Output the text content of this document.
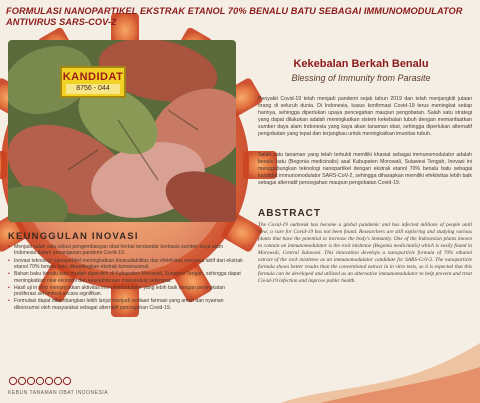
FORMULASI NANOPARTIKEL EKSTRAK ETANOL 70% BENALU BATU SEBAGAI IMMUNOMODULATOR ANTIVIRUS SARS-COV-2
KANDIDAT
8756 - 044
Kekebalan Berkah Benalu
Blessing of Immunity from Parasite

Penyakit Covid-19 telah menjadi pandemi sejak tahun 2019 dan telah menjangkiti jutaan orang di seluruh dunia. Di Indonesia, kasus konfirmasi Covid-19 terus meningkat setiap harinya, sehingga diperlukan upaya pencegahan maupun pengobatan. Salah satu strategi yang dapat dilakukan adalah meningkatkan sistem kekebalan tubuh dengan memanfaatkan sumber daya alam Indonesia yang kaya akan tanaman obat, sehingga diperlukan alternatif pengobatan yang tepat dan terjangkau untuk meningkatkan imunitas tubuh.

Salah satu tanaman yang telah terbukti memiliki khasiat sebagai immunomodulator adalah benalu batu (Begonia medicinalis) asal Kabupaten Morowali, Sulawesi Tengah. Inovasi ini menggabungkan teknologi nanopartikel dengan ekstrak etanol 70% benalu batu sebagai kandidat immunomodulator SARS-CoV-2, sehingga diharapkan memiliki efektivitas lebih baik sebagai alternatif pencegahan maupun pengobatan Covid-19.

ABSTRACT

The Covid-19 outbreak has become a global pandemic and has infected millions of people until now; a cure for Covid-19 has not been found. Researchers are still exploring and studying various plants that have the potential to increase the body's immunity. One of the Indonesian plants known to contain an immunomodulator is the rock mistletoe (Begonia medicinalis) which is easily found in Morowali, Central Sulawesi. This innovation develops a nanoparticle formula of 70% ethanol extract of the rock mistletoe as an immunomodulator candidate for SARS-CoV-2. The nanoparticle formula shows better results than the conventional extract in in vitro tests, so it is expected that this formula can be developed and utilized as an alternative immunomodulator to help prevent and treat Covid-19 infection and improve public health.

KEUNGGULAN INOVASI
• Menjadi salah satu solusi pengembangan obat herbal terstandar berbasis sumber daya alam Indonesia dalam penanganan pandemi Covid-19.
• Inovasi teknologi nanopartikel meningkatkan bioavailabilitas dan efektivitas senyawa aktif dari ekstrak etanol 70% benalu batu dibandingkan ekstrak konvensional.
• Bahan baku benalu batu mudah diperoleh di Kabupaten Morowali, Sulawesi Tengah, sehingga dapat meningkatkan nilai ekonomi dan kesejahteraan masyarakat setempat.
• Hasil uji in vitro menunjukkan aktivitas immunomodulator yang lebih baik dengan peningkatan proliferasi sel limfosit secara signifikan.
• Formulasi dapat dikembangkan lebih lanjut menjadi sediaan farmasi yang aman dan nyaman dikonsumsi oleh masyarakat sebagai alternatif pencegahan Covid-19.
KEBUN TANAMAN OBAT INDONESIA
